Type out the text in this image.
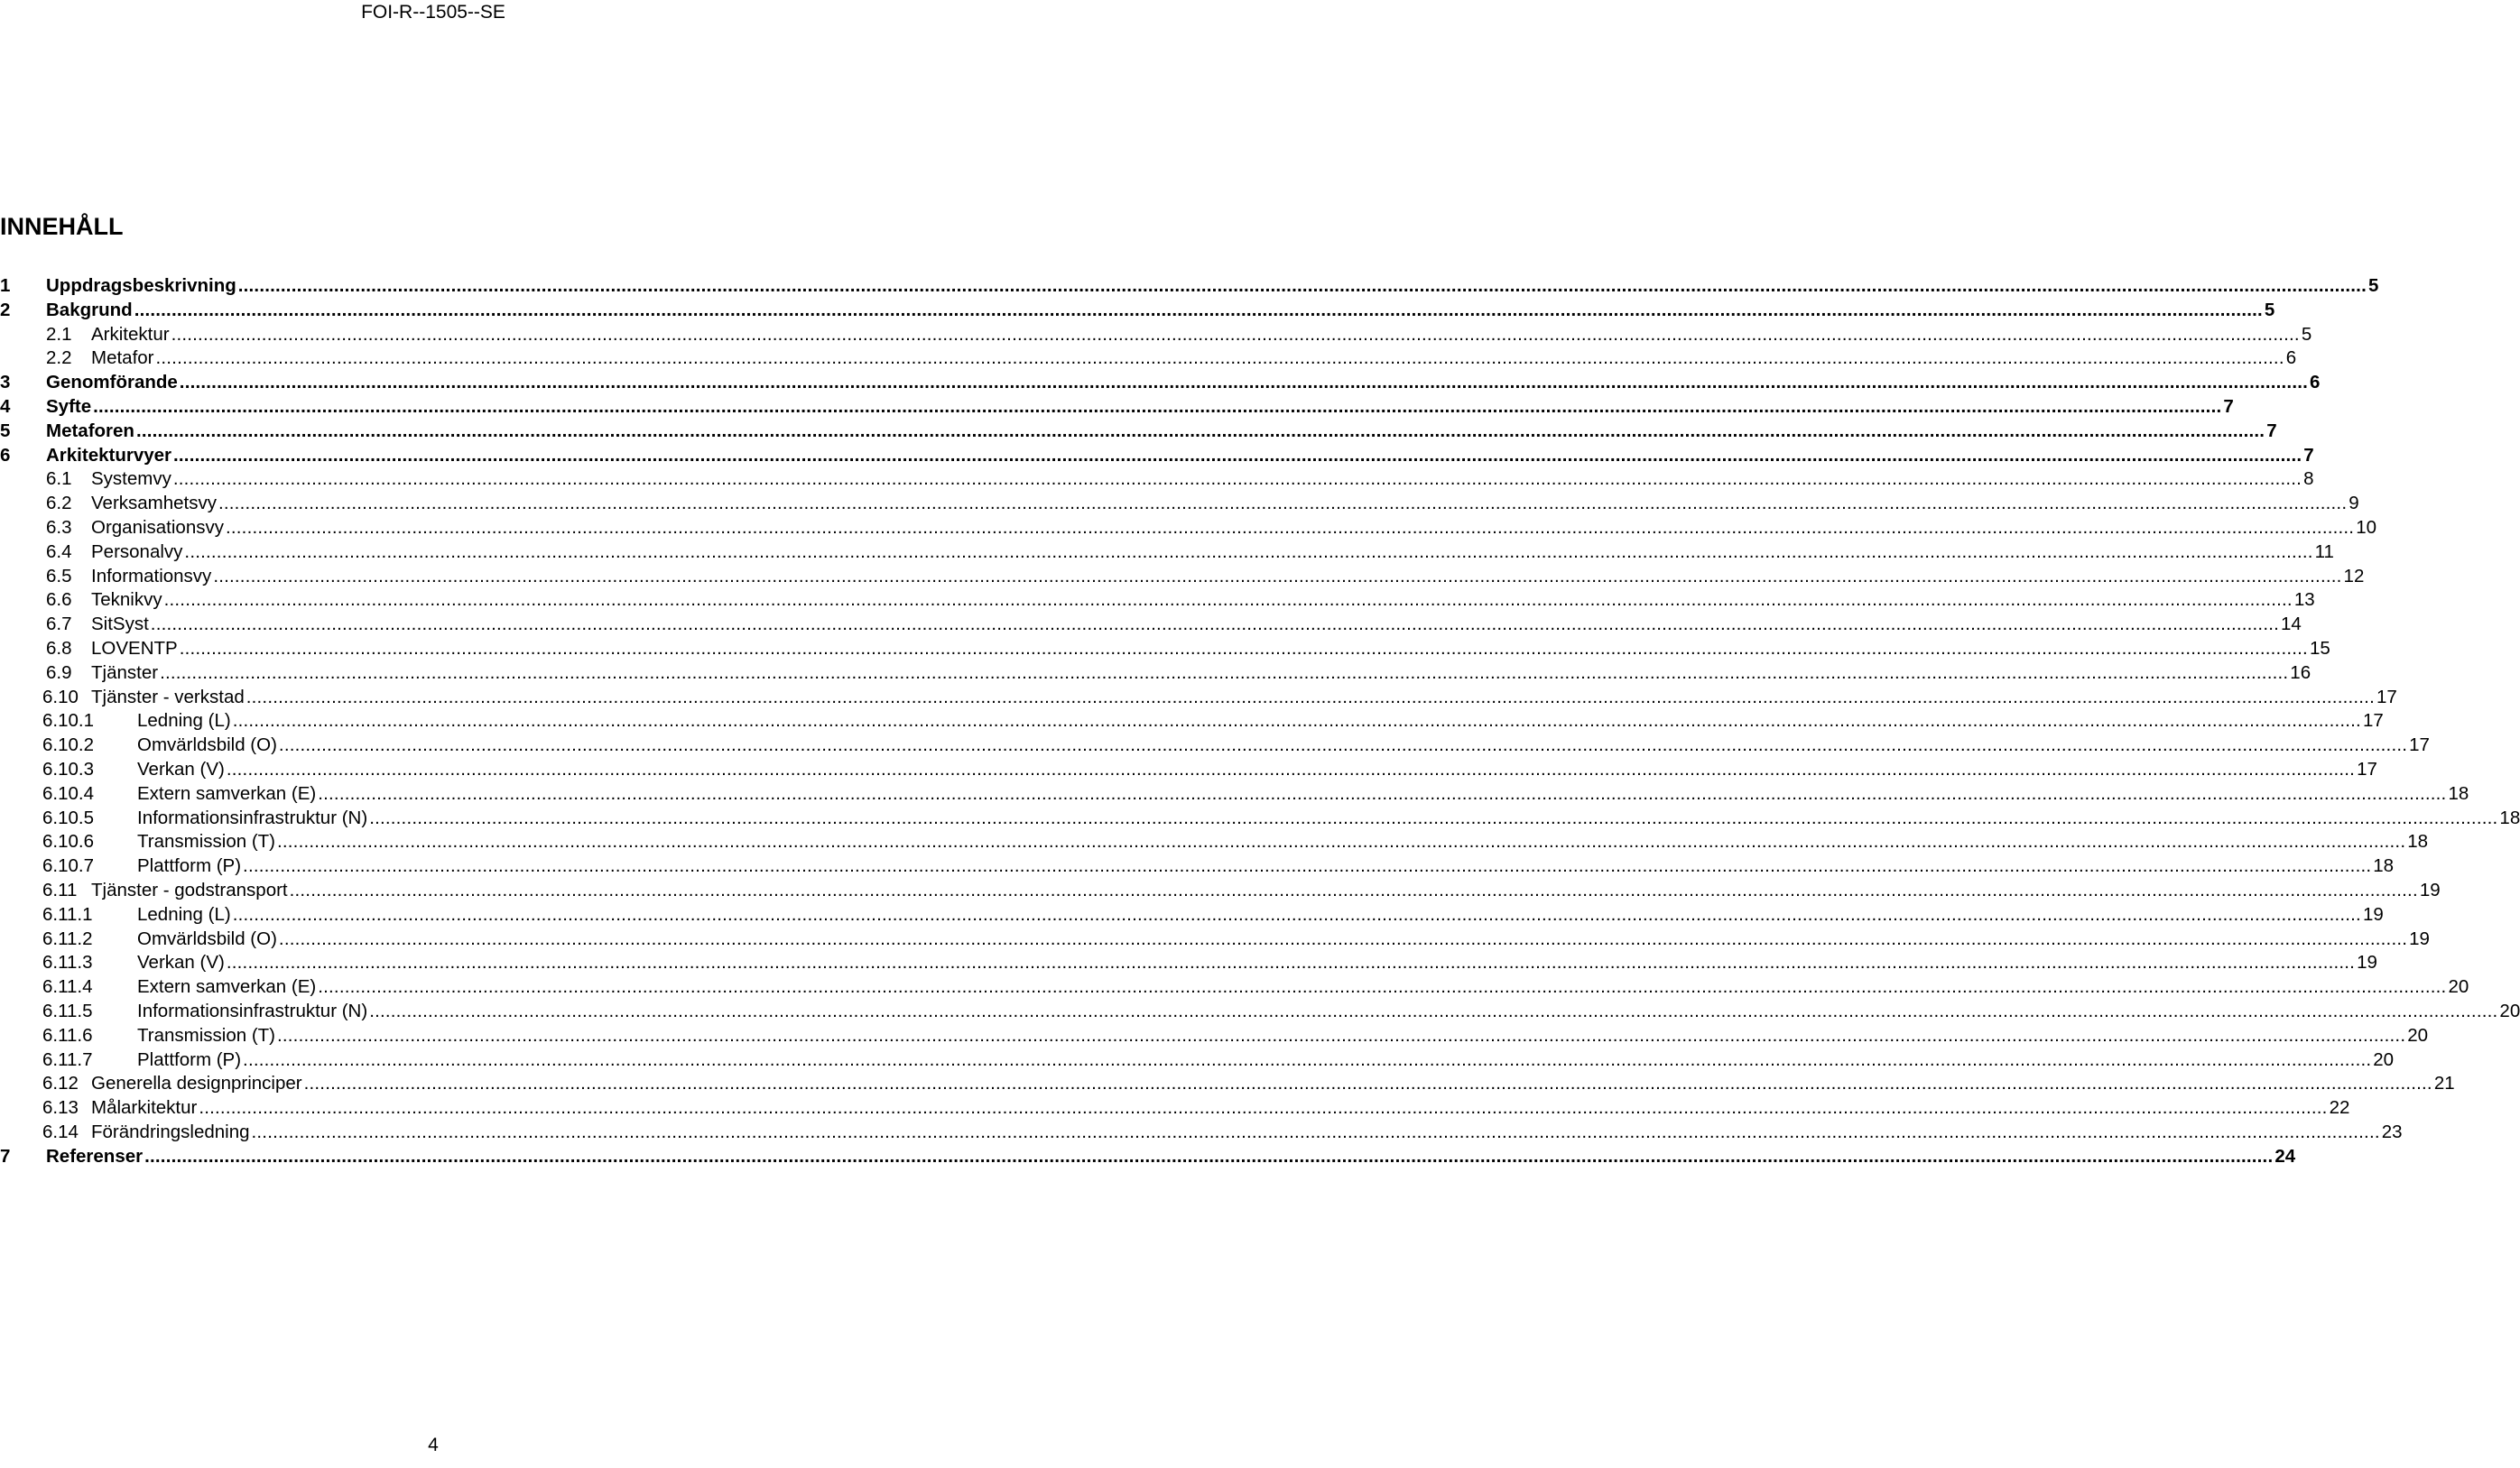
FOI-R--1505--SE
INNEHÅLL
1 Uppdragsbeskrivning ................................................................................................................................................................................................................................................................................................................................................................................................................ 5
2 Bakgrund ................................................................................................................................................................................................................................................................................................................................................................................................................ 5
2.1 Arkitektur ................................................................................................................................................................................................................................................................................................................................................................................................................ 5
2.2 Metafor ................................................................................................................................................................................................................................................................................................................................................................................................................ 6
3 Genomförande ................................................................................................................................................................................................................................................................................................................................................................................................................ 6
4 Syfte ................................................................................................................................................................................................................................................................................................................................................................................................................ 7
5 Metaforen ................................................................................................................................................................................................................................................................................................................................................................................................................ 7
6 Arkitekturvyer ................................................................................................................................................................................................................................................................................................................................................................................................................ 7
6.1 Systemvy ................................................................................................................................................................................................................................................................................................................................................................................................................ 8
6.2 Verksamhetsvy ................................................................................................................................................................................................................................................................................................................................................................................................................ 9
6.3 Organisationsvy ................................................................................................................................................................................................................................................................................................................................................................................................................ 10
6.4 Personalvy ................................................................................................................................................................................................................................................................................................................................................................................................................ 11
6.5 Informationsvy ................................................................................................................................................................................................................................................................................................................................................................................................................ 12
6.6 Teknikvy ................................................................................................................................................................................................................................................................................................................................................................................................................ 13
6.7 SitSyst ................................................................................................................................................................................................................................................................................................................................................................................................................ 14
6.8 LOVENTP ................................................................................................................................................................................................................................................................................................................................................................................................................ 15
6.9 Tjänster ................................................................................................................................................................................................................................................................................................................................................................................................................ 16
6.10 Tjänster - verkstad ................................................................................................................................................................................................................................................................................................................................................................................................................ 17
6.10.1 Ledning (L) ................................................................................................................................................................................................................................................................................................................................................................................................................ 17
6.10.2 Omvärldsbild (O) ................................................................................................................................................................................................................................................................................................................................................................................................................ 17
6.10.3 Verkan (V) ................................................................................................................................................................................................................................................................................................................................................................................................................ 17
6.10.4 Extern samverkan (E) ................................................................................................................................................................................................................................................................................................................................................................................................................ 18
6.10.5 Informationsinfrastruktur (N) ................................................................................................................................................................................................................................................................................................................................................................................................................ 18
6.10.6 Transmission (T) ................................................................................................................................................................................................................................................................................................................................................................................................................ 18
6.10.7 Plattform (P) ................................................................................................................................................................................................................................................................................................................................................................................................................ 18
6.11 Tjänster - godstransport ................................................................................................................................................................................................................................................................................................................................................................................................................ 19
6.11.1 Ledning (L) ................................................................................................................................................................................................................................................................................................................................................................................................................ 19
6.11.2 Omvärldsbild (O) ................................................................................................................................................................................................................................................................................................................................................................................................................ 19
6.11.3 Verkan (V) ................................................................................................................................................................................................................................................................................................................................................................................................................ 19
6.11.4 Extern samverkan (E) ................................................................................................................................................................................................................................................................................................................................................................................................................ 20
6.11.5 Informationsinfrastruktur (N) ................................................................................................................................................................................................................................................................................................................................................................................................................ 20
6.11.6 Transmission (T) ................................................................................................................................................................................................................................................................................................................................................................................................................ 20
6.11.7 Plattform (P) ................................................................................................................................................................................................................................................................................................................................................................................................................ 20
6.12 Generella designprinciper ................................................................................................................................................................................................................................................................................................................................................................................................................ 21
6.13 Målarkitektur ................................................................................................................................................................................................................................................................................................................................................................................................................ 22
6.14 Förändringsledning ................................................................................................................................................................................................................................................................................................................................................................................................................ 23
7 Referenser ................................................................................................................................................................................................................................................................................................................................................................................................................ 24
4
